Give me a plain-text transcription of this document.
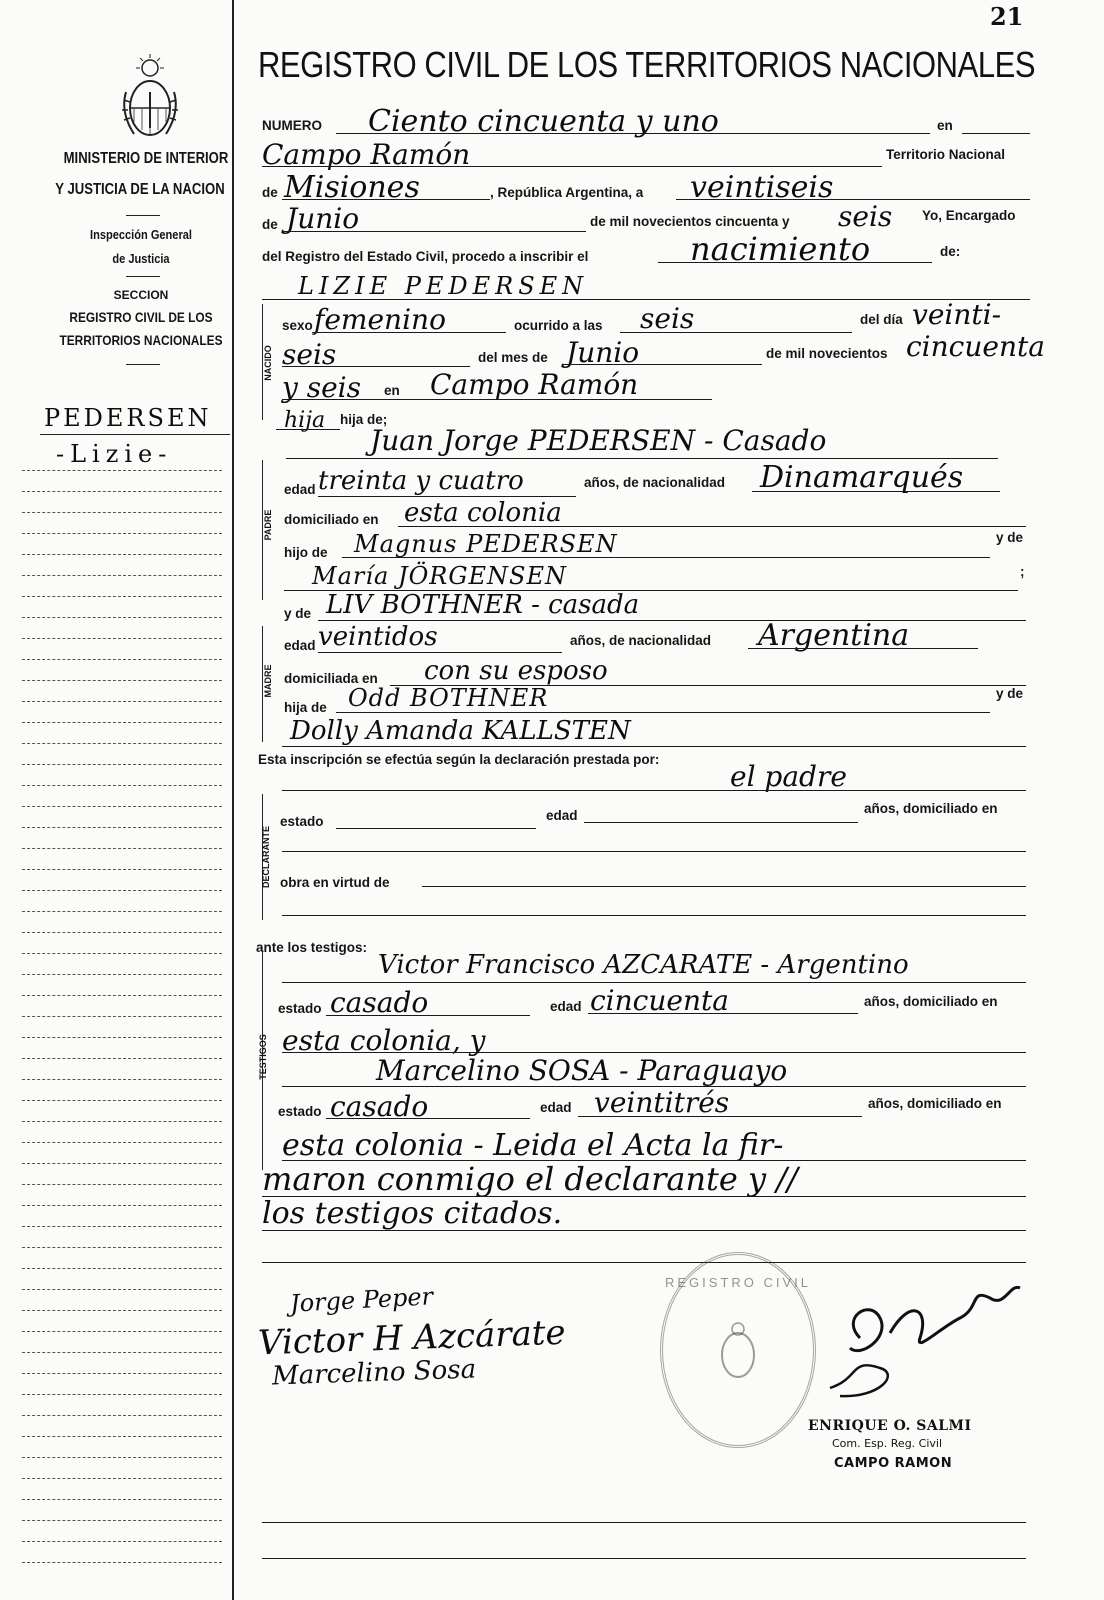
21
REGISTRO CIVIL DE LOS TERRITORIOS NACIONALES
MINISTERIO DE INTERIOR
Y JUSTICIA DE LA NACION
Inspección General
de Justicia
SECCION
REGISTRO CIVIL DE LOS
TERRITORIOS NACIONALES
PEDERSEN
-Lizie-
NUMERO Ciento cincuenta y uno	en
Campo Ramón	Territorio Nacional
de Misiones	, República Argentina, a veintiseis
de Junio	de mil novecientos cincuenta y seis Yo, Encargado
del Registro del Estado Civil, procedo a inscribir el	nacimiento	de:
LIZIE PEDERSEN
NACIDO
sexo femenino	ocurrido a las seis	del día veinti-
seis	del mes de Junio	de mil novecientos cincuenta
y seis en Campo Ramón
hija hija de;
Juan Jorge PEDERSEN - Casado
PADRE
edad treinta y cuatro	años, de nacionalidad Dinamarqués
domiciliado en esta colonia
hijo de Magnus PEDERSEN	y de
María JÖRGENSEN	;
y de LIV BOTHNER - casada
MADRE
edad veintidos	años, de nacionalidad Argentina
domiciliada en con su esposo
hija de Odd BOTHNER	y de
Dolly Amanda KALLSTEN
Esta inscripción se efectúa según la declaración prestada por:
el padre
DECLARANTE
estado	edad	años, domiciliado en
obra en virtud de
ante los testigos:
TESTIGOS
Victor Francisco AZCARATE - Argentino
estado casado	edad cincuenta	años, domiciliado en
esta colonia, y
Marcelino SOSA - Paraguayo
estado casado	edad veintitrés	años, domiciliado en
esta colonia - Leida el Acta la fir-
maron conmigo el declarante y //
los testigos citados.
REGISTRO CIVIL
Jorge Peper
Victor H Azcárate
Marcelino Sosa
ENRIQUE O. SALMI
Com. Esp. Reg. Civil
CAMPO RAMON
